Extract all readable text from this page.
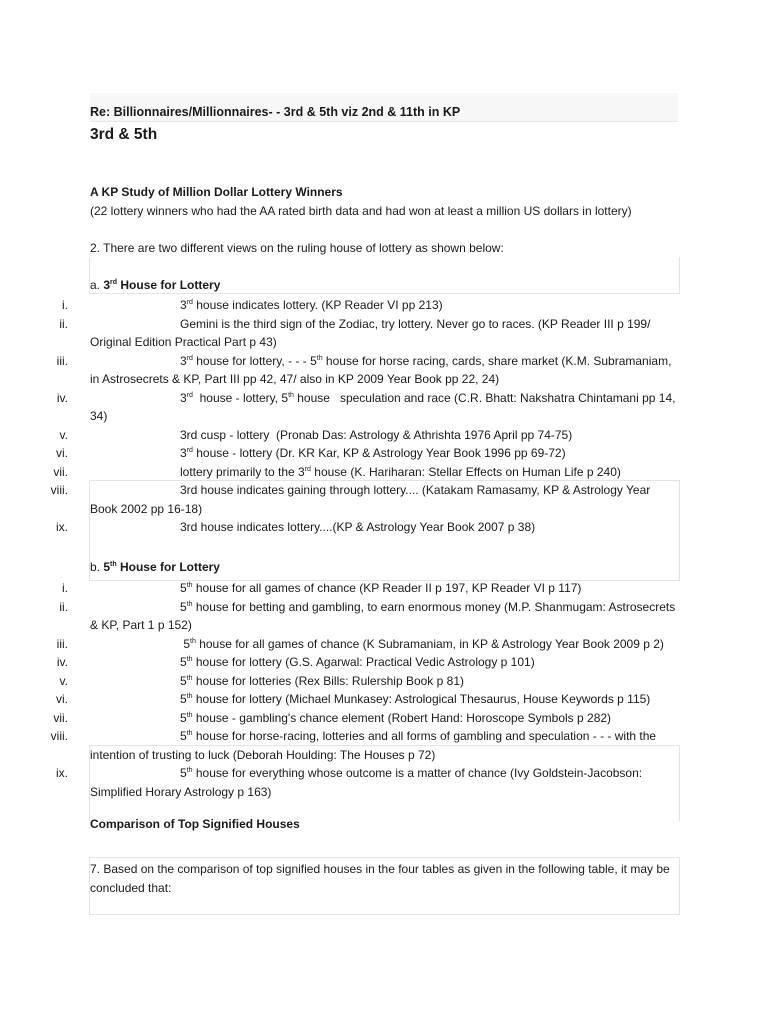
Re: Billionnaires/Millionnaires- - 3rd & 5th viz 2nd & 11th in KP
3rd & 5th
A KP Study of Million Dollar Lottery Winners
(22 lottery winners who had the AA rated birth data and had won at least a million US dollars in lottery)
2. There are two different views on the ruling house of lottery as shown below:
a. 3rd House for Lottery
i.	3rd house indicates lottery. (KP Reader VI pp 213)
ii.	Gemini is the third sign of the Zodiac, try lottery. Never go to races. (KP Reader III p 199/ Original Edition Practical Part p 43)
iii.	3rd house for lottery, - - - 5th house for horse racing, cards, share market (K.M. Subramaniam, in Astrosecrets & KP, Part III pp 42, 47/ also in KP 2009 Year Book pp 22, 24)
iv.	3rd  house - lottery, 5th house   speculation and race (C.R. Bhatt: Nakshatra Chintamani pp 14, 34)
v.	3rd cusp - lottery  (Pronab Das: Astrology & Athrishta 1976 April pp 74-75)
vi.	3rd house - lottery (Dr. KR Kar, KP & Astrology Year Book 1996 pp 69-72)
vii.	lottery primarily to the 3rd house (K. Hariharan: Stellar Effects on Human Life p 240)
viii.	3rd house indicates gaining through lottery.... (Katakam Ramasamy, KP & Astrology Year Book 2002 pp 16-18)
ix.	3rd house indicates lottery....(KP & Astrology Year Book 2007 p 38)
b. 5th House for Lottery
i.	5th house for all games of chance (KP Reader II p 197, KP Reader VI p 117)
ii.	5th house for betting and gambling, to earn enormous money (M.P. Shanmugam: Astrosecrets & KP, Part 1 p 152)
iii.	5th house for all games of chance (K Subramaniam, in KP & Astrology Year Book 2009 p 2)
iv.	5th house for lottery (G.S. Agarwal: Practical Vedic Astrology p 101)
v.	5th house for lotteries (Rex Bills: Rulership Book p 81)
vi.	5th house for lottery (Michael Munkasey: Astrological Thesaurus, House Keywords p 115)
vii.	5th house - gambling's chance element (Robert Hand: Horoscope Symbols p 282)
viii.	5th house for horse-racing, lotteries and all forms of gambling and speculation - - - with the intention of trusting to luck (Deborah Houlding: The Houses p 72)
ix.	5th house for everything whose outcome is a matter of chance (Ivy Goldstein-Jacobson: Simplified Horary Astrology p 163)
Comparison of Top Signified Houses
7. Based on the comparison of top signified houses in the four tables as given in the following table, it may be concluded that:
